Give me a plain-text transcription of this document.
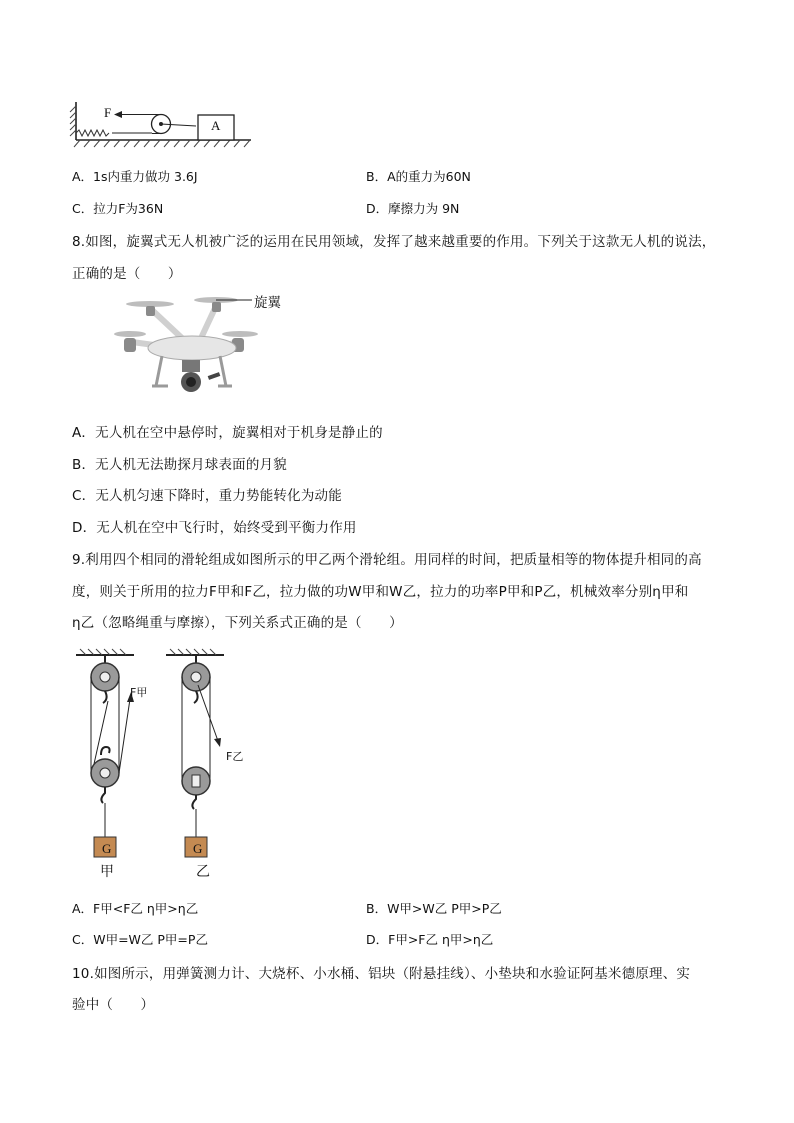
F
A
A．1s内重力做功 3.6J	B．A的重力为60N
C．拉力F为36N	D．摩擦力为 9N
8.如图，旋翼式无人机被广泛的运用在民用领域，发挥了越来越重要的作用。下列关于这款无人机的说法，
正确的是（　　）
旋翼
A．无人机在空中悬停时，旋翼相对于机身是静止的
B．无人机无法勘探月球表面的月貌
C．无人机匀速下降时，重力势能转化为动能
D．无人机在空中飞行时，始终受到平衡力作用
9.利用四个相同的滑轮组成如图所示的甲乙两个滑轮组。用同样的时间，把质量相等的物体提升相同的高
度，则关于所用的拉力F甲和F乙，拉力做的功W甲和W乙，拉力的功率P甲和P乙，机械效率分别η甲和
η乙（忽略绳重与摩擦），下列关系式正确的是（　　）
F甲
F乙
G	G
甲	乙
A．F甲<F乙 η甲>η乙	B．W甲>W乙 P甲>P乙
C．W甲=W乙 P甲=P乙	D．F甲>F乙 η甲>η乙
10.如图所示，用弹簧测力计、大烧杯、小水桶、铝块（附悬挂线）、小垫块和水验证阿基米德原理、实
验中（　　）
